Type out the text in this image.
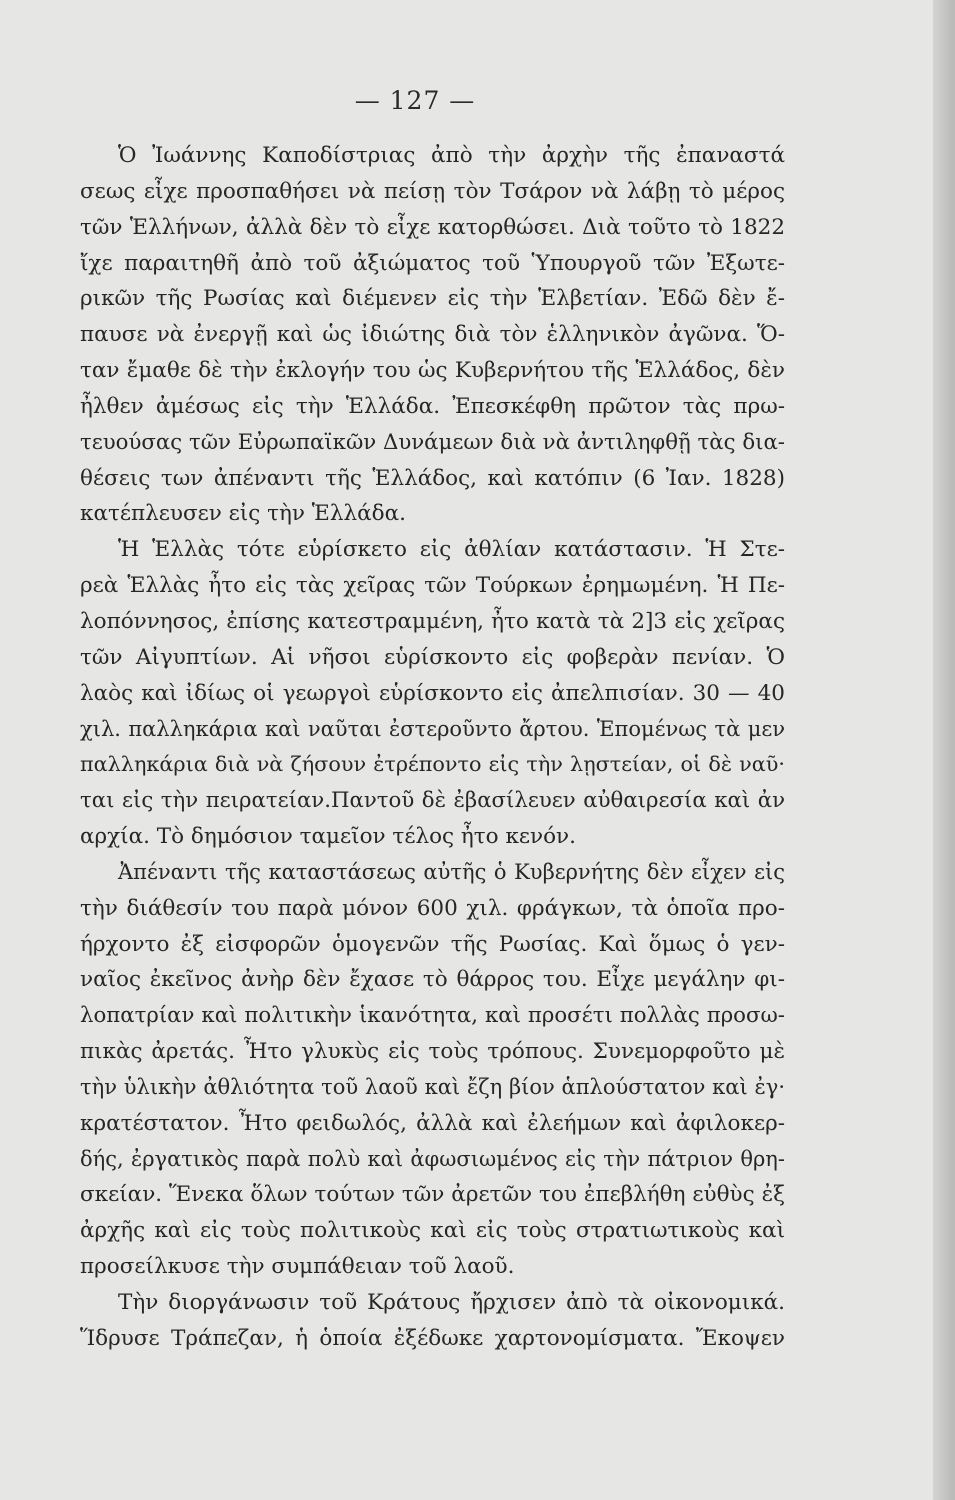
— 127 —
Ὁ Ἰωάννης Καποδίστριας ἀπὸ τὴν ἀρχὴν τῆς ἐπαναστά
σεως εἶχε προσπαθήσει νὰ πείσῃ τὸν Τσάρον νὰ λάβῃ τὸ μέρος
τῶν Ἑλλήνων, ἀλλὰ δὲν τὸ εἶχε κατορθώσει. Διὰ τοῦτο τὸ 1822
ἴχε παραιτηθῆ ἀπὸ τοῦ ἀξιώματος τοῦ Ὑπουργοῦ τῶν Ἐξωτε-
ρικῶν τῆς Ρωσίας καὶ διέμενεν εἰς τὴν Ἑλβετίαν. Ἐδῶ δὲν ἔ-
παυσε νὰ ἐνεργῇ καὶ ὡς ἰδιώτης διὰ τὸν ἑλληνικὸν ἀγῶνα. Ὅ-
ταν ἔμαθε δὲ τὴν ἐκλογήν του ὡς Κυβερνήτου τῆς Ἑλλάδος, δὲν
ἦλθεν ἀμέσως εἰς τὴν Ἑλλάδα. Ἐπεσκέφθη πρῶτον τὰς πρω-
τευούσας τῶν Εὐρωπαϊκῶν Δυνάμεων διὰ νὰ ἀντιληφθῇ τὰς δια-
θέσεις των ἀπέναντι τῆς Ἑλλάδος, καὶ κατόπιν (6 Ἰαν. 1828)
κατέπλευσεν εἰς τὴν Ἑλλάδα.
Ἡ Ἑλλὰς τότε εὑρίσκετο εἰς ἀθλίαν κατάστασιν. Ἡ Στε-
ρεὰ Ἑλλὰς ἦτο εἰς τὰς χεῖρας τῶν Τούρκων ἐρημωμένη. Ἡ Πε-
λοπόννησος, ἐπίσης κατεστραμμένη, ἦτο κατὰ τὰ 2]3 εἰς χεῖρας
τῶν Αἰγυπτίων. Αἱ νῆσοι εὑρίσκοντο εἰς φοβερὰν πενίαν. Ὁ
λαὸς καὶ ἰδίως οἱ γεωργοὶ εὑρίσκοντο εἰς ἀπελπισίαν. 30 — 40
χιλ. παλληκάρια καὶ ναῦται ἐστεροῦντο ἄρτου. Ἑπομένως τὰ μεν
παλληκάρια διὰ νὰ ζήσουν ἐτρέποντο εἰς τὴν λῃστείαν, οἱ δὲ ναῦ·
ται εἰς τὴν πειρατείαν.Παντοῦ δὲ ἐβασίλευεν αὐθαιρεσία καὶ ἀν
αρχία. Τὸ δημόσιον ταμεῖον τέλος ἦτο κενόν.
Ἀπέναντι τῆς καταστάσεως αὐτῆς ὁ Κυβερνήτης δὲν εἶχεν εἰς
τὴν διάθεσίν του παρὰ μόνον 600 χιλ. φράγκων, τὰ ὁποῖα προ-
ήρχοντο ἐξ εἰσφορῶν ὁμογενῶν τῆς Ρωσίας. Καὶ ὅμως ὁ γεν-
ναῖος ἐκεῖνος ἀνὴρ δὲν ἔχασε τὸ θάρρος του. Εἶχε μεγάλην φι-
λοπατρίαν καὶ πολιτικὴν ἱκανότητα, καὶ προσέτι πολλὰς προσω-
πικὰς ἀρετάς. Ἦτο γλυκὺς εἰς τοὺς τρόπους. Συνεμορφοῦτο μὲ
τὴν ὑλικὴν ἀθλιότητα τοῦ λαοῦ καὶ ἔζη βίον ἁπλούστατον καὶ ἐγ·
κρατέστατον. Ἦτο φειδωλός, ἀλλὰ καὶ ἐλεήμων καὶ ἀφιλοκερ-
δής, ἐργατικὸς παρὰ πολὺ καὶ ἀφωσιωμένος εἰς τὴν πάτριον θρη-
σκείαν. Ἕνεκα ὅλων τούτων τῶν ἀρετῶν του ἐπεβλήθη εὐθὺς ἐξ
ἀρχῆς καὶ εἰς τοὺς πολιτικοὺς καὶ εἰς τοὺς στρατιωτικοὺς καὶ
προσείλκυσε τὴν συμπάθειαν τοῦ λαοῦ.
Τὴν διοργάνωσιν τοῦ Κράτους ἤρχισεν ἀπὸ τὰ οἰκονομικά.
Ἵδρυσε Τράπεζαν, ἡ ὁποία ἐξέδωκε χαρτονομίσματα. Ἔκοψεν
